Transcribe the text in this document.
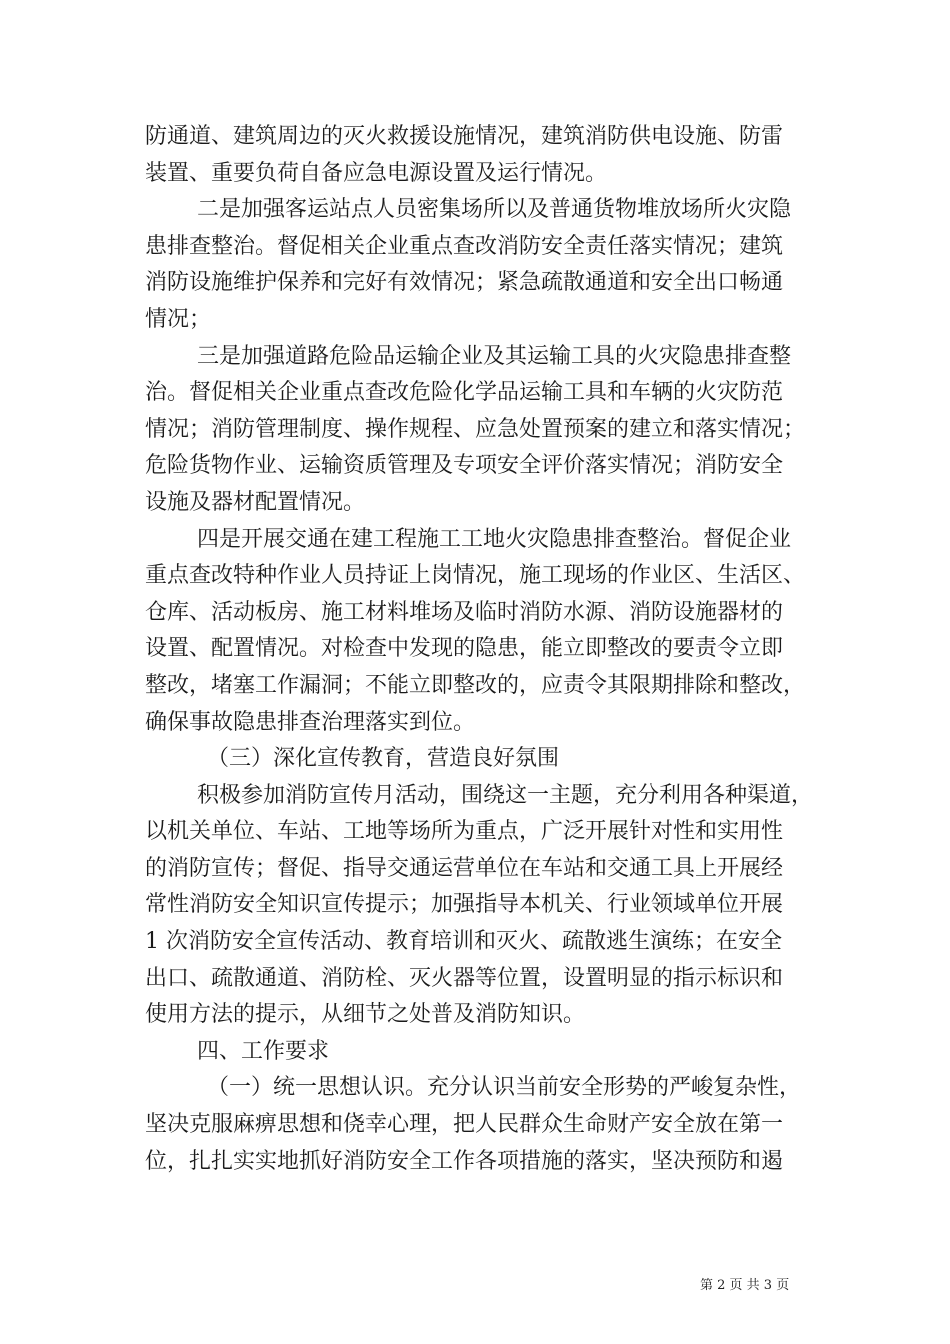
防通道、建筑周边的灭火救援设施情况，建筑消防供电设施、防雷
装置、重要负荷自备应急电源设置及运行情况。
二是加强客运站点人员密集场所以及普通货物堆放场所火灾隐
患排查整治。督促相关企业重点查改消防安全责任落实情况；建筑
消防设施维护保养和完好有效情况；紧急疏散通道和安全出口畅通
情况；
三是加强道路危险品运输企业及其运输工具的火灾隐患排查整
治。督促相关企业重点查改危险化学品运输工具和车辆的火灾防范
情况；消防管理制度、操作规程、应急处置预案的建立和落实情况；
危险货物作业、运输资质管理及专项安全评价落实情况；消防安全
设施及器材配置情况。
四是开展交通在建工程施工工地火灾隐患排查整治。督促企业
重点查改特种作业人员持证上岗情况，施工现场的作业区、生活区、
仓库、活动板房、施工材料堆场及临时消防水源、消防设施器材的
设置、配置情况。对检查中发现的隐患，能立即整改的要责令立即
整改，堵塞工作漏洞；不能立即整改的，应责令其限期排除和整改，
确保事故隐患排查治理落实到位。
（三）深化宣传教育，营造良好氛围
积极参加消防宣传月活动，围绕这一主题，充分利用各种渠道，
以机关单位、车站、工地等场所为重点，广泛开展针对性和实用性
的消防宣传；督促、指导交通运营单位在车站和交通工具上开展经
常性消防安全知识宣传提示；加强指导本机关、行业领域单位开展
1 次消防安全宣传活动、教育培训和灭火、疏散逃生演练；在安全
出口、疏散通道、消防栓、灭火器等位置，设置明显的指示标识和
使用方法的提示，从细节之处普及消防知识。
四、工作要求
（一）统一思想认识。充分认识当前安全形势的严峻复杂性，
坚决克服麻痹思想和侥幸心理，把人民群众生命财产安全放在第一
位，扎扎实实地抓好消防安全工作各项措施的落实，坚决预防和遏
第 2 页 共 3 页
